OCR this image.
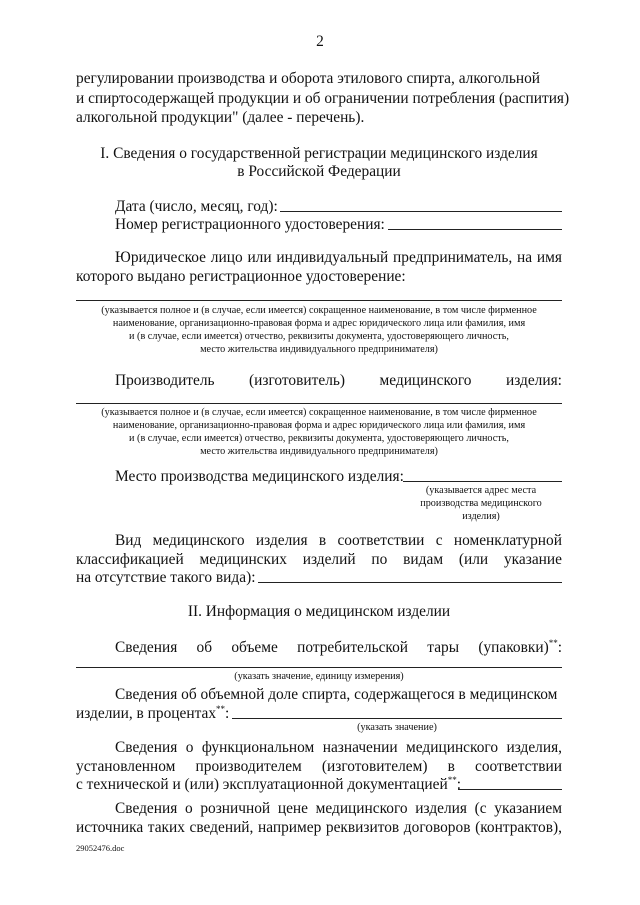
2
регулировании производства и оборота этилового спирта, алкогольной
и спиртосодержащей продукции и об ограничении потребления (распития)
алкогольной продукции" (далее - перечень).
I. Сведения о государственной регистрации медицинского изделия
в Российской Федерации
Дата (число, месяц, год):
Номер регистрационного удостоверения:
Юридическое лицо или индивидуальный предприниматель, на имя
которого выдано регистрационное удостоверение:
(указывается полное и (в случае, если имеется) сокращенное наименование, в том числе фирменное
наименование, организационно-правовая форма и адрес юридического лица или фамилия, имя
и (в случае, если имеется) отчество, реквизиты документа, удостоверяющего личность,
место жительства индивидуального предпринимателя)
Производитель (изготовитель) медицинского изделия:
(указывается полное и (в случае, если имеется) сокращенное наименование, в том числе фирменное
наименование, организационно-правовая форма и адрес юридического лица или фамилия, имя
и (в случае, если имеется) отчество, реквизиты документа, удостоверяющего личность,
место жительства индивидуального предпринимателя)
Место производства медицинского изделия:
(указывается адрес места
производства медицинского
изделия)
Вид медицинского изделия в соответствии с номенклатурной
классификацией медицинских изделий по видам (или указание
на отсутствие такого вида):
II. Информация о медицинском изделии
Сведения об объеме потребительской тары (упаковки)**:
(указать значение, единицу измерения)
Сведения об объемной доле спирта, содержащегося в медицинском
изделии, в процентах**:
(указать значение)
Сведения о функциональном назначении медицинского изделия,
установленном производителем (изготовителем) в соответствии
с технической и (или) эксплуатационной документацией**:
Сведения о розничной цене медицинского изделия (с указанием
источника таких сведений, например реквизитов договоров (контрактов),
29052476.doc
